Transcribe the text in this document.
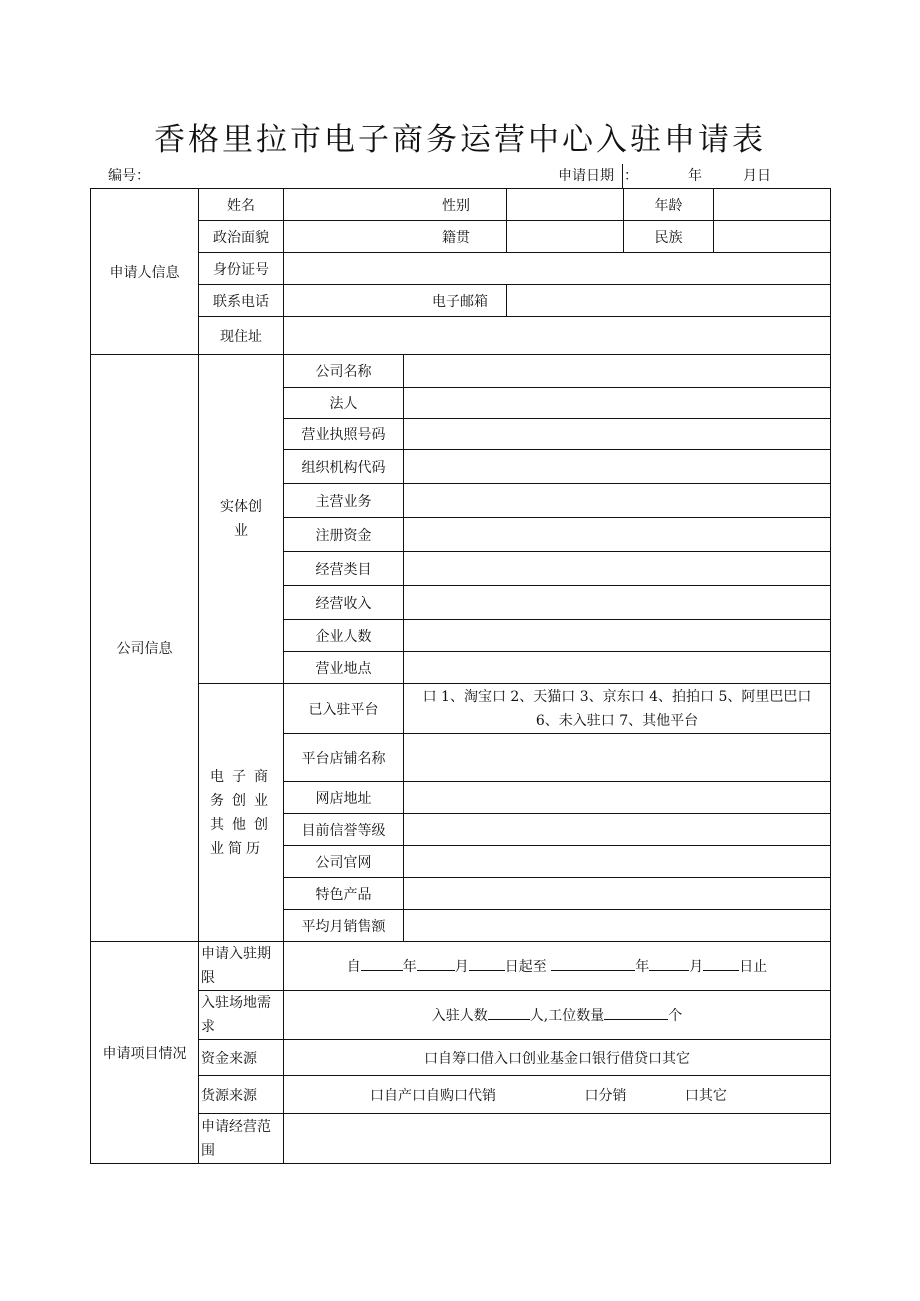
香格里拉市电子商务运营中心入驻申请表
编号：	申请日期 ：	年	月日
申请人信息	姓名	性别			年龄	
	政治面貌	籍贯			民族	
	身份证号					
	联系电话	电子邮箱				
	现住址					
公司信息	实体创业	公司名称				
		法人				
		营业执照号码				
		组织机构代码				
		主营业务				
		注册资金				
		经营类目				
		经营收入				
		企业人数				
		营业地点				

	电子商务创业其他创业简历	已入驻平台	口 1、淘宝口 2、天猫口 3、京东口 4、拍拍口 5、阿里巴巴口
6、未入驻口 7、其他平台			

		平台店铺名称				
		网店地址				
		目前信誉等级				
		公司官网				
		特色产品				
		平均月销售额				
申请项目情况	申请入驻期限	自 年 月 日起至 年 月 日止				
	入驻场地需求	入驻人数 人,工位数量 个				
	资金来源	口自筹口借入口创业基金口银行借贷口其它				
	货源来源	口自产口自购口代销 口分销 口其它				
	申请经营范围					
